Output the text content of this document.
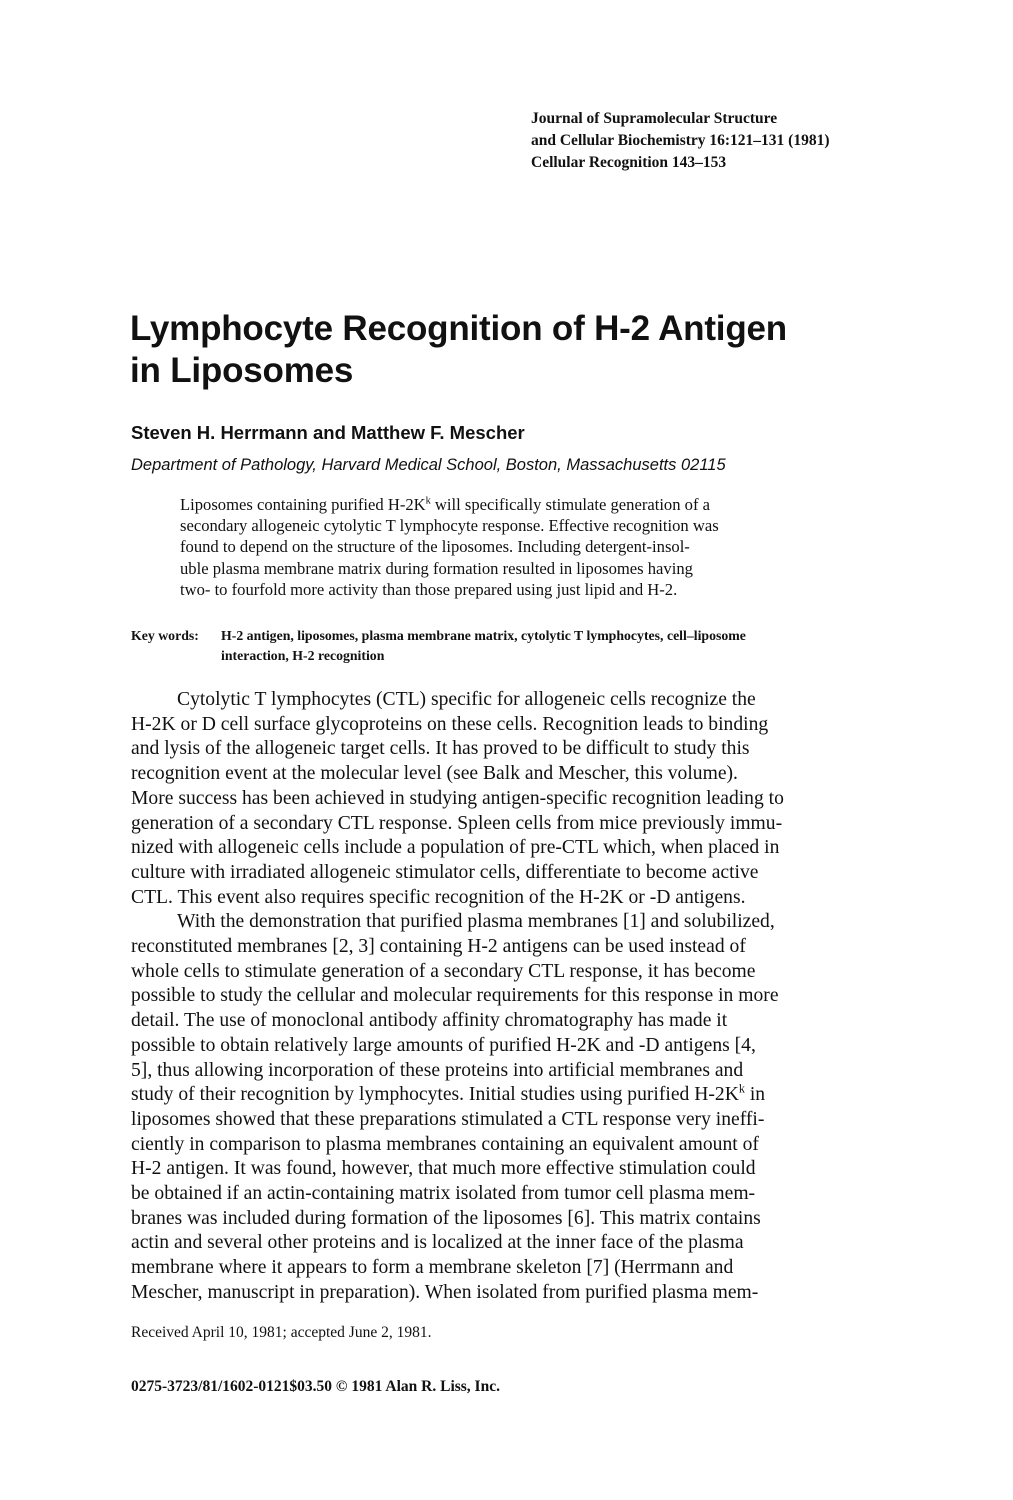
Journal of Supramolecular Structure
and Cellular Biochemistry 16:121–131 (1981)
Cellular Recognition 143–153
Lymphocyte Recognition of H-2 Antigen
in Liposomes
Steven H. Herrmann and Matthew F. Mescher
Department of Pathology, Harvard Medical School, Boston, Massachusetts 02115
Liposomes containing purified $H-2K^k$ will specifically stimulate generation of a
secondary allogeneic cytolytic T lymphocyte response. Effective recognition was
found to depend on the structure of the liposomes. Including detergent-insol-
uble plasma membrane matrix during formation resulted in liposomes having
two- to fourfold more activity than those prepared using just lipid and H-2.
Key words: H-2 antigen, liposomes, plasma membrane matrix, cytolytic T lymphocytes, cell–liposome
interaction, H-2 recognition
Cytolytic T lymphocytes (CTL) specific for allogeneic cells recognize the
H-2K or D cell surface glycoproteins on these cells. Recognition leads to binding
and lysis of the allogeneic target cells. It has proved to be difficult to study this
recognition event at the molecular level (see Balk and Mescher, this volume).
More success has been achieved in studying antigen-specific recognition leading to
generation of a secondary CTL response. Spleen cells from mice previously immu-
nized with allogeneic cells include a population of pre-CTL which, when placed in
culture with irradiated allogeneic stimulator cells, differentiate to become active
CTL. This event also requires specific recognition of the H-2K or -D antigens.
With the demonstration that purified plasma membranes [1] and solubilized,
reconstituted membranes [2, 3] containing H-2 antigens can be used instead of
whole cells to stimulate generation of a secondary CTL response, it has become
possible to study the cellular and molecular requirements for this response in more
detail. The use of monoclonal antibody affinity chromatography has made it
possible to obtain relatively large amounts of purified H-2K and -D antigens [4,
5], thus allowing incorporation of these proteins into artificial membranes and
study of their recognition by lymphocytes. Initial studies using purified $H-2K^k$ in
liposomes showed that these preparations stimulated a CTL response very ineffi-
ciently in comparison to plasma membranes containing an equivalent amount of
H-2 antigen. It was found, however, that much more effective stimulation could
be obtained if an actin-containing matrix isolated from tumor cell plasma mem-
branes was included during formation of the liposomes [6]. This matrix contains
actin and several other proteins and is localized at the inner face of the plasma
membrane where it appears to form a membrane skeleton [7] (Herrmann and
Mescher, manuscript in preparation). When isolated from purified plasma mem-
Received April 10, 1981; accepted June 2, 1981.
0275-3723/81/1602-0121$03.50 © 1981 Alan R. Liss, Inc.
